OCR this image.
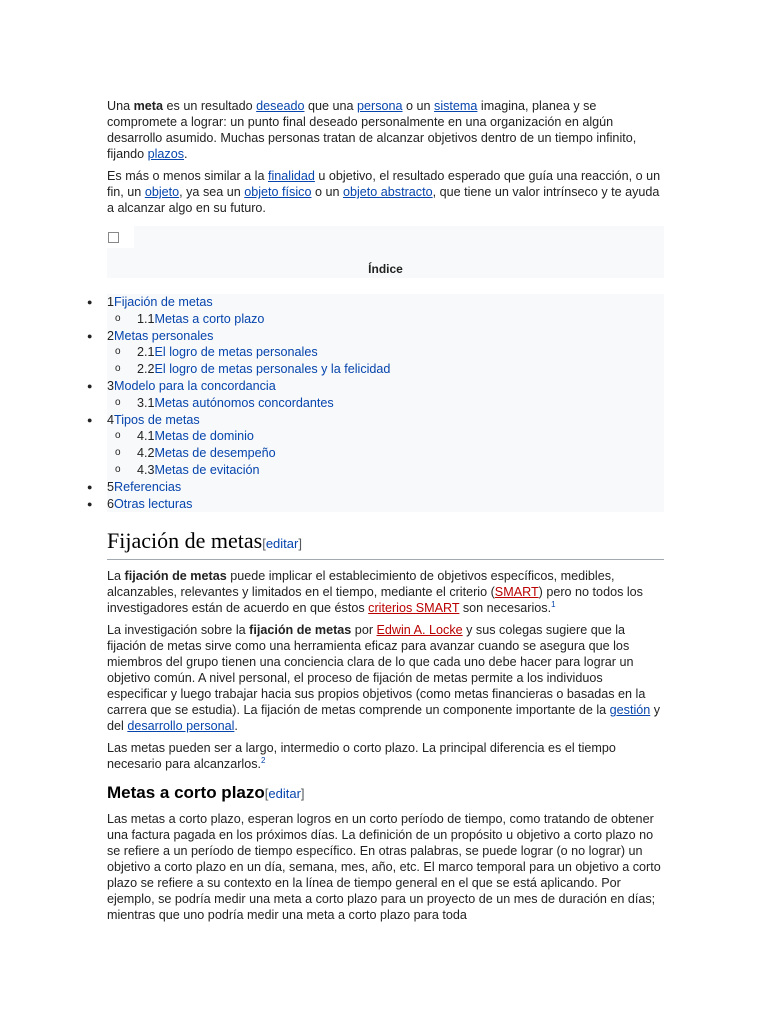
Una meta es un resultado deseado que una persona o un sistema imagina, planea y se compromete a lograr: un punto final deseado personalmente en una organización en algún desarrollo asumido. Muchas personas tratan de alcanzar objetivos dentro de un tiempo infinito, fijando plazos.

Es más o menos similar a la finalidad u objetivo, el resultado esperado que guía una reacción, o un fin, un objeto, ya sea un objeto físico o un objeto abstracto, que tiene un valor intrínseco y te ayuda a alcanzar algo en su futuro.

Índice
● 1Fijación de metas
o 1.1Metas a corto plazo
● 2Metas personales
o 2.1El logro de metas personales
o 2.2El logro de metas personales y la felicidad
● 3Modelo para la concordancia
o 3.1Metas autónomos concordantes
● 4Tipos de metas
o 4.1Metas de dominio
o 4.2Metas de desempeño
o 4.3Metas de evitación
● 5Referencias
● 6Otras lecturas
Fijación de metas[editar]

La fijación de metas puede implicar el establecimiento de objetivos específicos, medibles, alcanzables, relevantes y limitados en el tiempo, mediante el criterio (SMART) pero no todos los investigadores están de acuerdo en que éstos criterios SMART son necesarios.$^1$

La investigación sobre la fijación de metas por Edwin A. Locke y sus colegas sugiere que la fijación de metas sirve como una herramienta eficaz para avanzar cuando se asegura que los miembros del grupo tienen una conciencia clara de lo que cada uno debe hacer para lograr un objetivo común. A nivel personal, el proceso de fijación de metas permite a los individuos especificar y luego trabajar hacia sus propios objetivos (como metas financieras o basadas en la carrera que se estudia). La fijación de metas comprende un componente importante de la gestión y del desarrollo personal.

Las metas pueden ser a largo, intermedio o corto plazo. La principal diferencia es el tiempo necesario para alcanzarlos.$^2$

Metas a corto plazo[editar]

Las metas a corto plazo, esperan logros en un corto período de tiempo, como tratando de obtener una factura pagada en los próximos días. La definición de un propósito u objetivo a corto plazo no se refiere a un período de tiempo específico. En otras palabras, se puede lograr (o no lograr) un objetivo a corto plazo en un día, semana, mes, año, etc. El marco temporal para un objetivo a corto plazo se refiere a su contexto en la línea de tiempo general en el que se está aplicando. Por ejemplo, se podría medir una meta a corto plazo para un proyecto de un mes de duración en días; mientras que uno podría medir una meta a corto plazo para toda
